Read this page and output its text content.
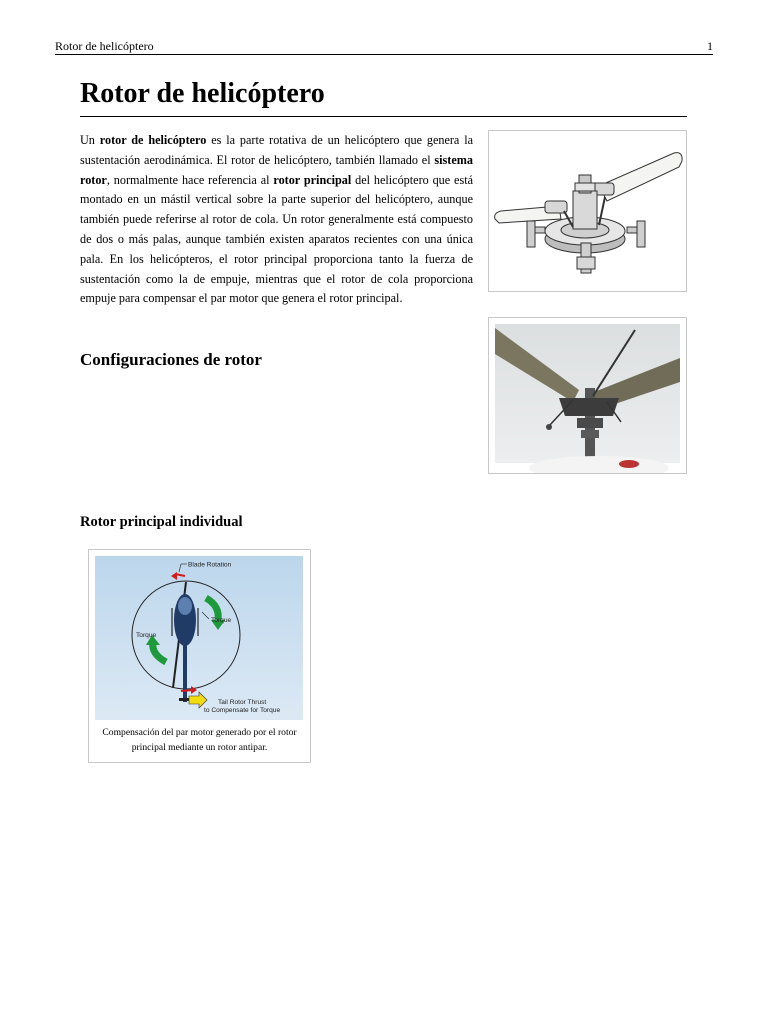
Rotor de helicóptero	1
Rotor de helicóptero

Un rotor de helicóptero es la parte rotativa de un helicóptero que genera la sustentación aerodinámica. El rotor de helicóptero, también llamado el sistema rotor, normalmente hace referencia al rotor principal del helicóptero que está montado en un mástil vertical sobre la parte superior del helicóptero, aunque también puede referirse al rotor de cola. Un rotor generalmente está compuesto de dos o más palas, aunque también existen aparatos recientes con una única pala. En los helicópteros, el rotor principal proporciona tanto la fuerza de sustentación como la de empuje, mientras que el rotor de cola proporciona empuje para compensar el par motor que genera el rotor principal.

Configuraciones de rotor
Rotor principal individual
Blade Rotation
Torque
Torque
Tail Rotor Thrust
to Compensate for Torque

Compensación del par motor generado por el rotor principal mediante un rotor antipar.
